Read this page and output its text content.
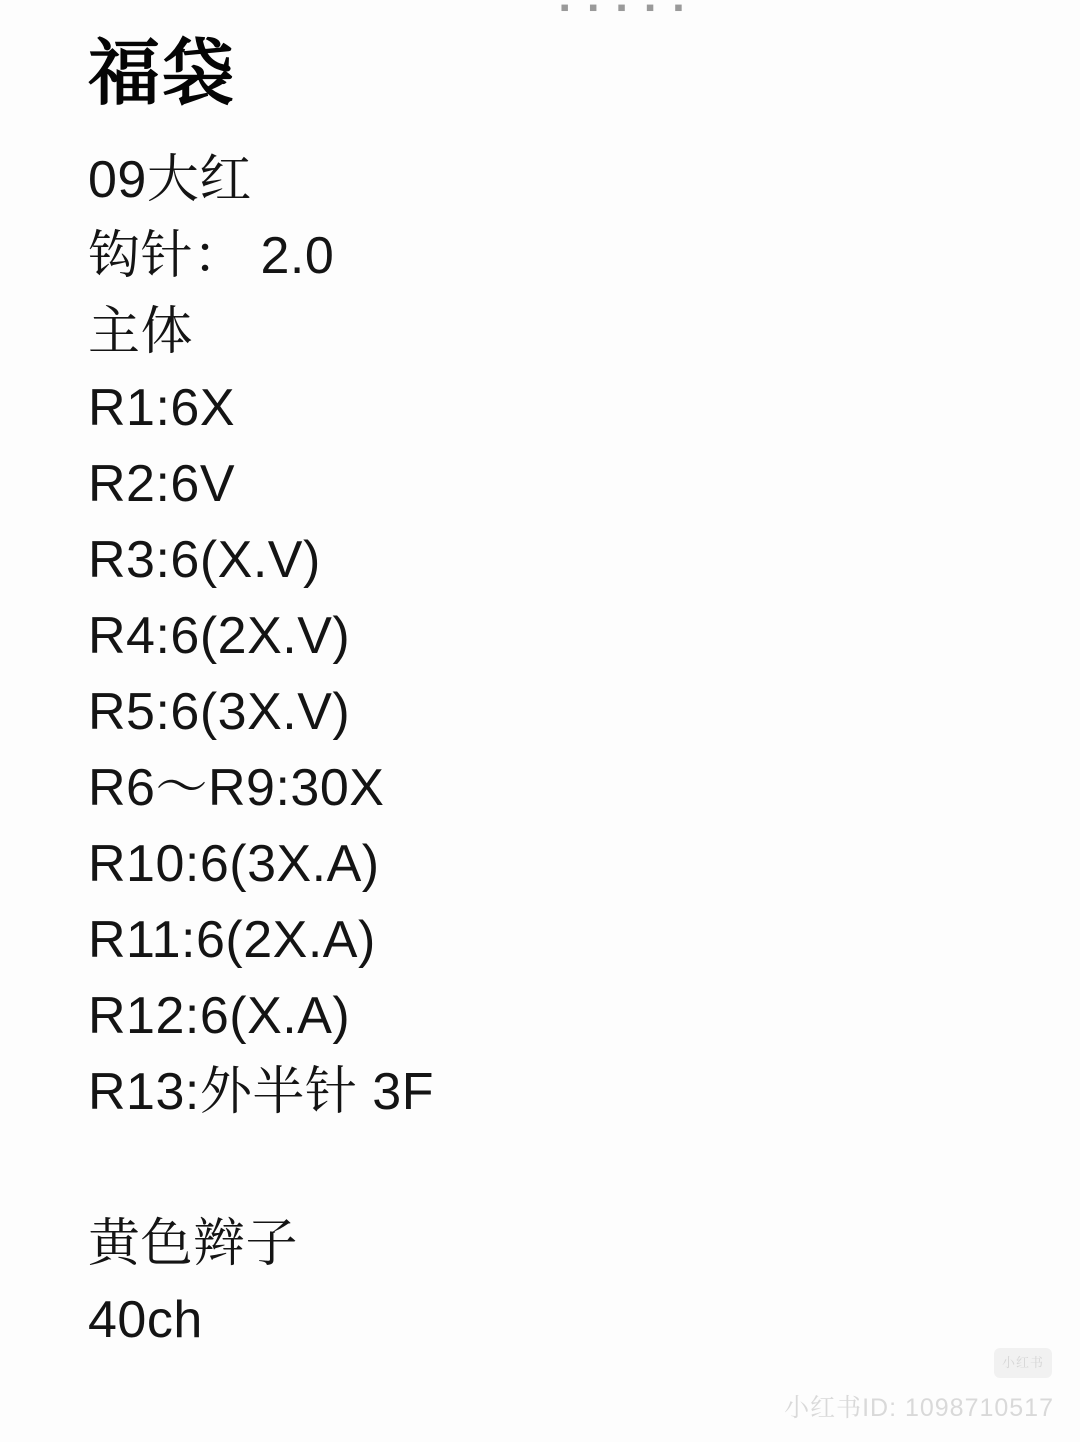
▪ ▪ ▪ ▪ ▪
福袋
09大红
钩针： 2.0
主体
R1:6X
R2:6V
R3:6(X.V)
R4:6(2X.V)
R5:6(3X.V)
R6〜R9:30X
R10:6(3X.A)
R11:6(2X.A)
R12:6(X.A)
R13:外半针 3F
黄色辫子
40ch
小红书
小红书ID: 1098710517
